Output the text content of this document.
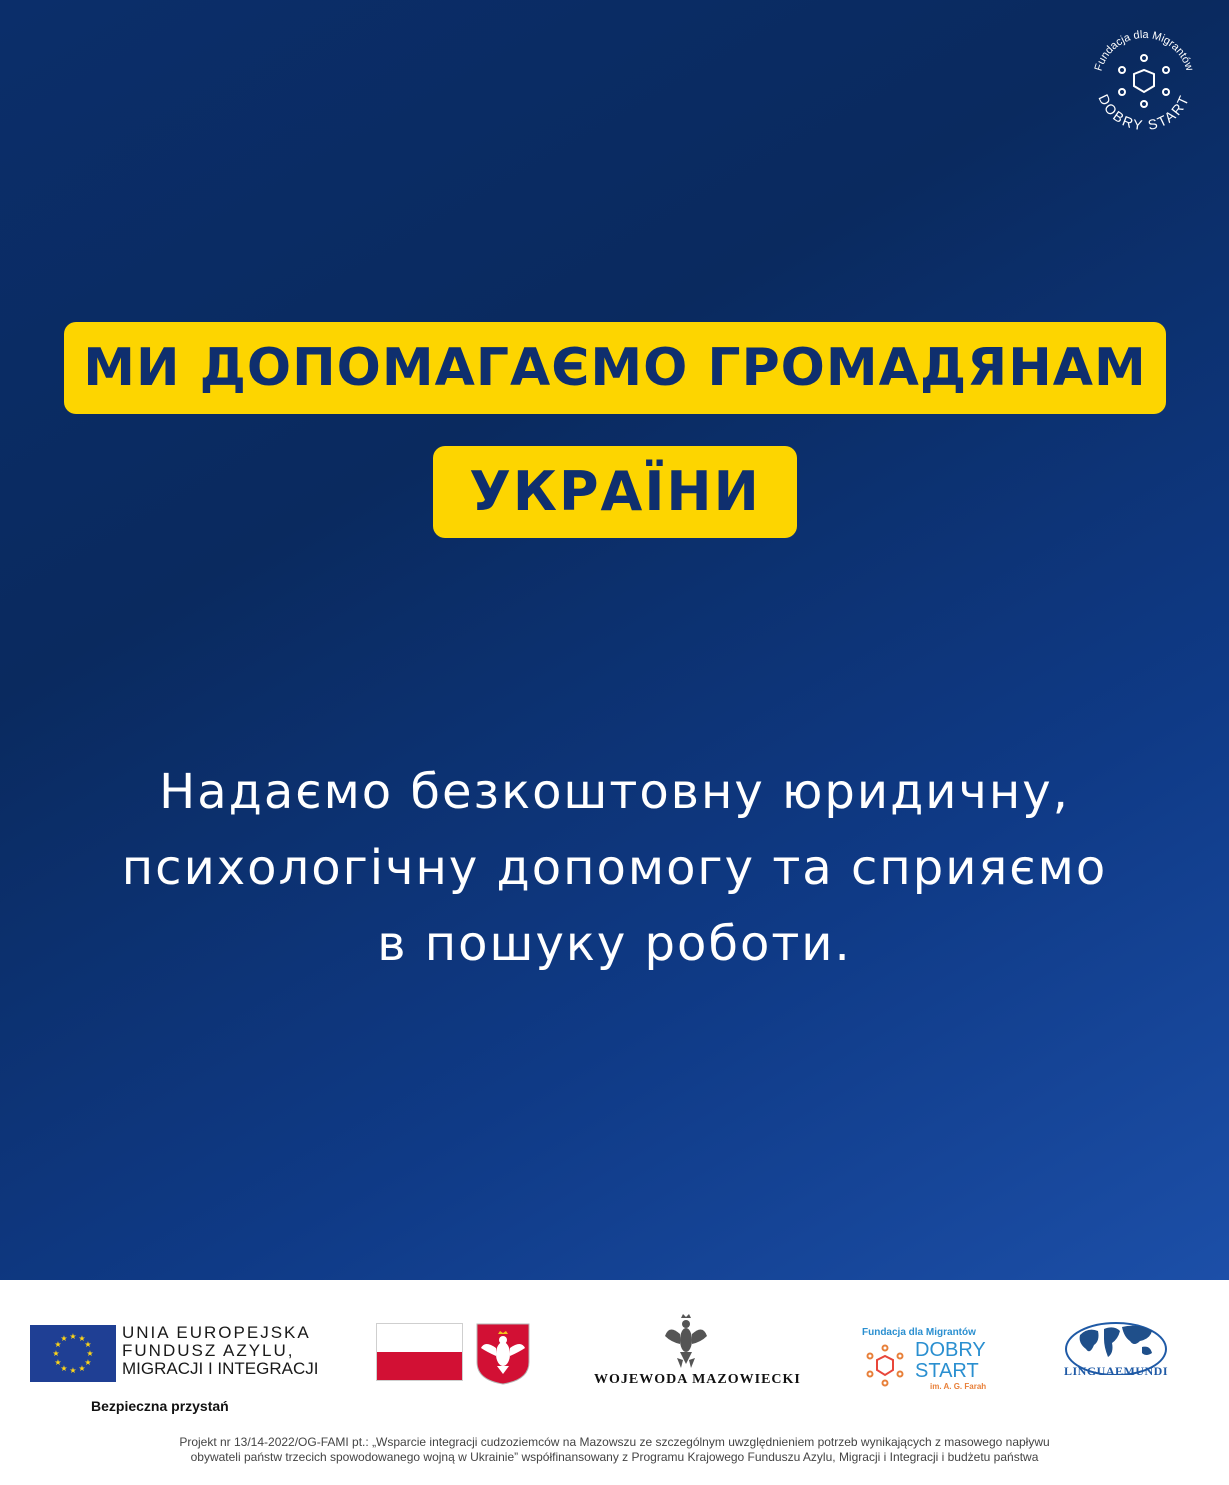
Fundacja dla Migrantów
DOBRY START
МИ ДОПОМАГАЄМО ГРОМАДЯНАМ
УКРАЇНИ
Надаємо безкоштовну юридичну,
психологічну допомогу та сприяємо
в пошуку роботи.
★ ★
★
★
★
★
★
★
★
★
★
★	UNIA EUROPEJSKA
FUNDUSZ AZYLU,
MIGRACJI I INTEGRACJI
Bezpieczna przystań
WOJEWODA MAZOWIECKI
Fundacja dla Migrantów
DOBRY
START
im. A. G. Farah
LINGUAEMUNDI
Projekt nr 13/14-2022/OG-FAMI pt.: „Wsparcie integracji cudzoziemców na Mazowszu ze szczególnym uwzględnieniem potrzeb wynikających z masowego napływu
obywateli państw trzecich spowodowanego wojną w Ukrainie” współfinansowany z Programu Krajowego Funduszu Azylu, Migracji i Integracji i budżetu państwa
